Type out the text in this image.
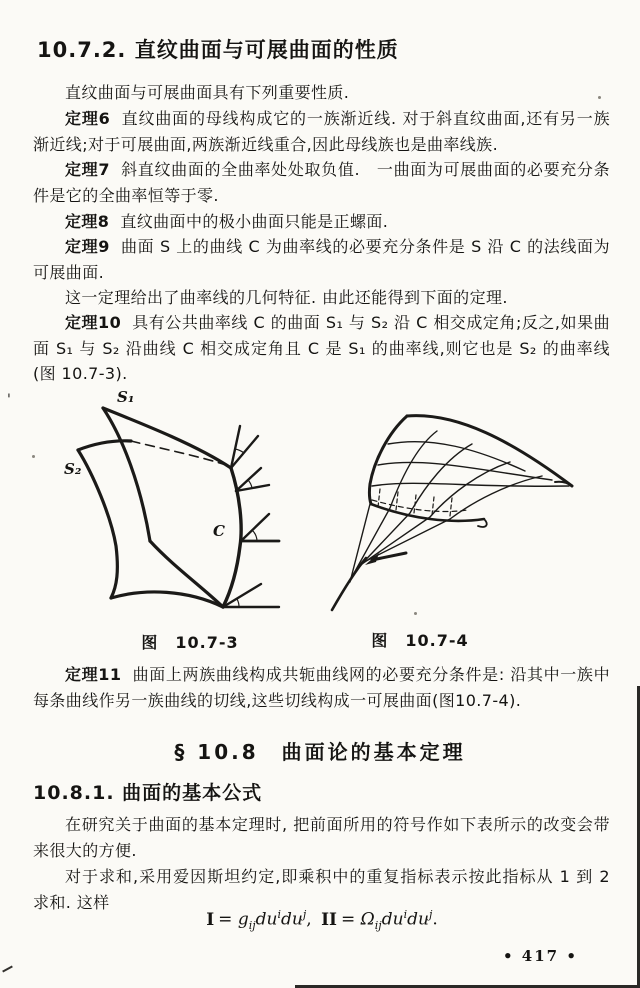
10.7.2. 直纹曲面与可展曲面的性质

直纹曲面与可展曲面具有下列重要性质.

定理6 直纹曲面的母线构成它的一族渐近线. 对于斜直纹曲面,还有另一族渐近线;对于可展曲面,两族渐近线重合,因此母线族也是曲率线族.

定理7 斜直纹曲面的全曲率处处取负值.　一曲面为可展曲面的必要充分条件是它的全曲率恒等于零.

定理8 直纹曲面中的极小曲面只能是正螺面.

定理9 曲面 S 上的曲线 C 为曲率线的必要充分条件是 S 沿 C 的法线面为可展曲面.

这一定理给出了曲率线的几何特征. 由此还能得到下面的定理.

定理10 具有公共曲率线 C 的曲面 S₁ 与 S₂ 沿 C 相交成定角;反之,如果曲面 S₁ 与 S₂ 沿曲线 C 相交成定角且 C 是 S₁ 的曲率线,则它也是 S₂ 的曲率线(图 10.7-3).

'	S₁
S₂
C
图　10.7-3	图　10.7-4

定理11 曲面上两族曲线构成共轭曲线网的必要充分条件是: 沿其中一族中每条曲线作另一族曲线的切线,这些切线构成一可展曲面(图10.7-4).

§ 10.8　曲面论的基本定理
10.8.1. 曲面的基本公式

在研究关于曲面的基本定理时, 把前面所用的符号作如下表所示的改变会带来很大的方便.

对于求和,采用爱因斯坦约定,即乘积中的重复指标表示按此指标从 1 到 2 求和. 这样

$I = g_{ij}du^idu^j$, II = $\Omega_{ij}du^idu^j$.
• 417 •
